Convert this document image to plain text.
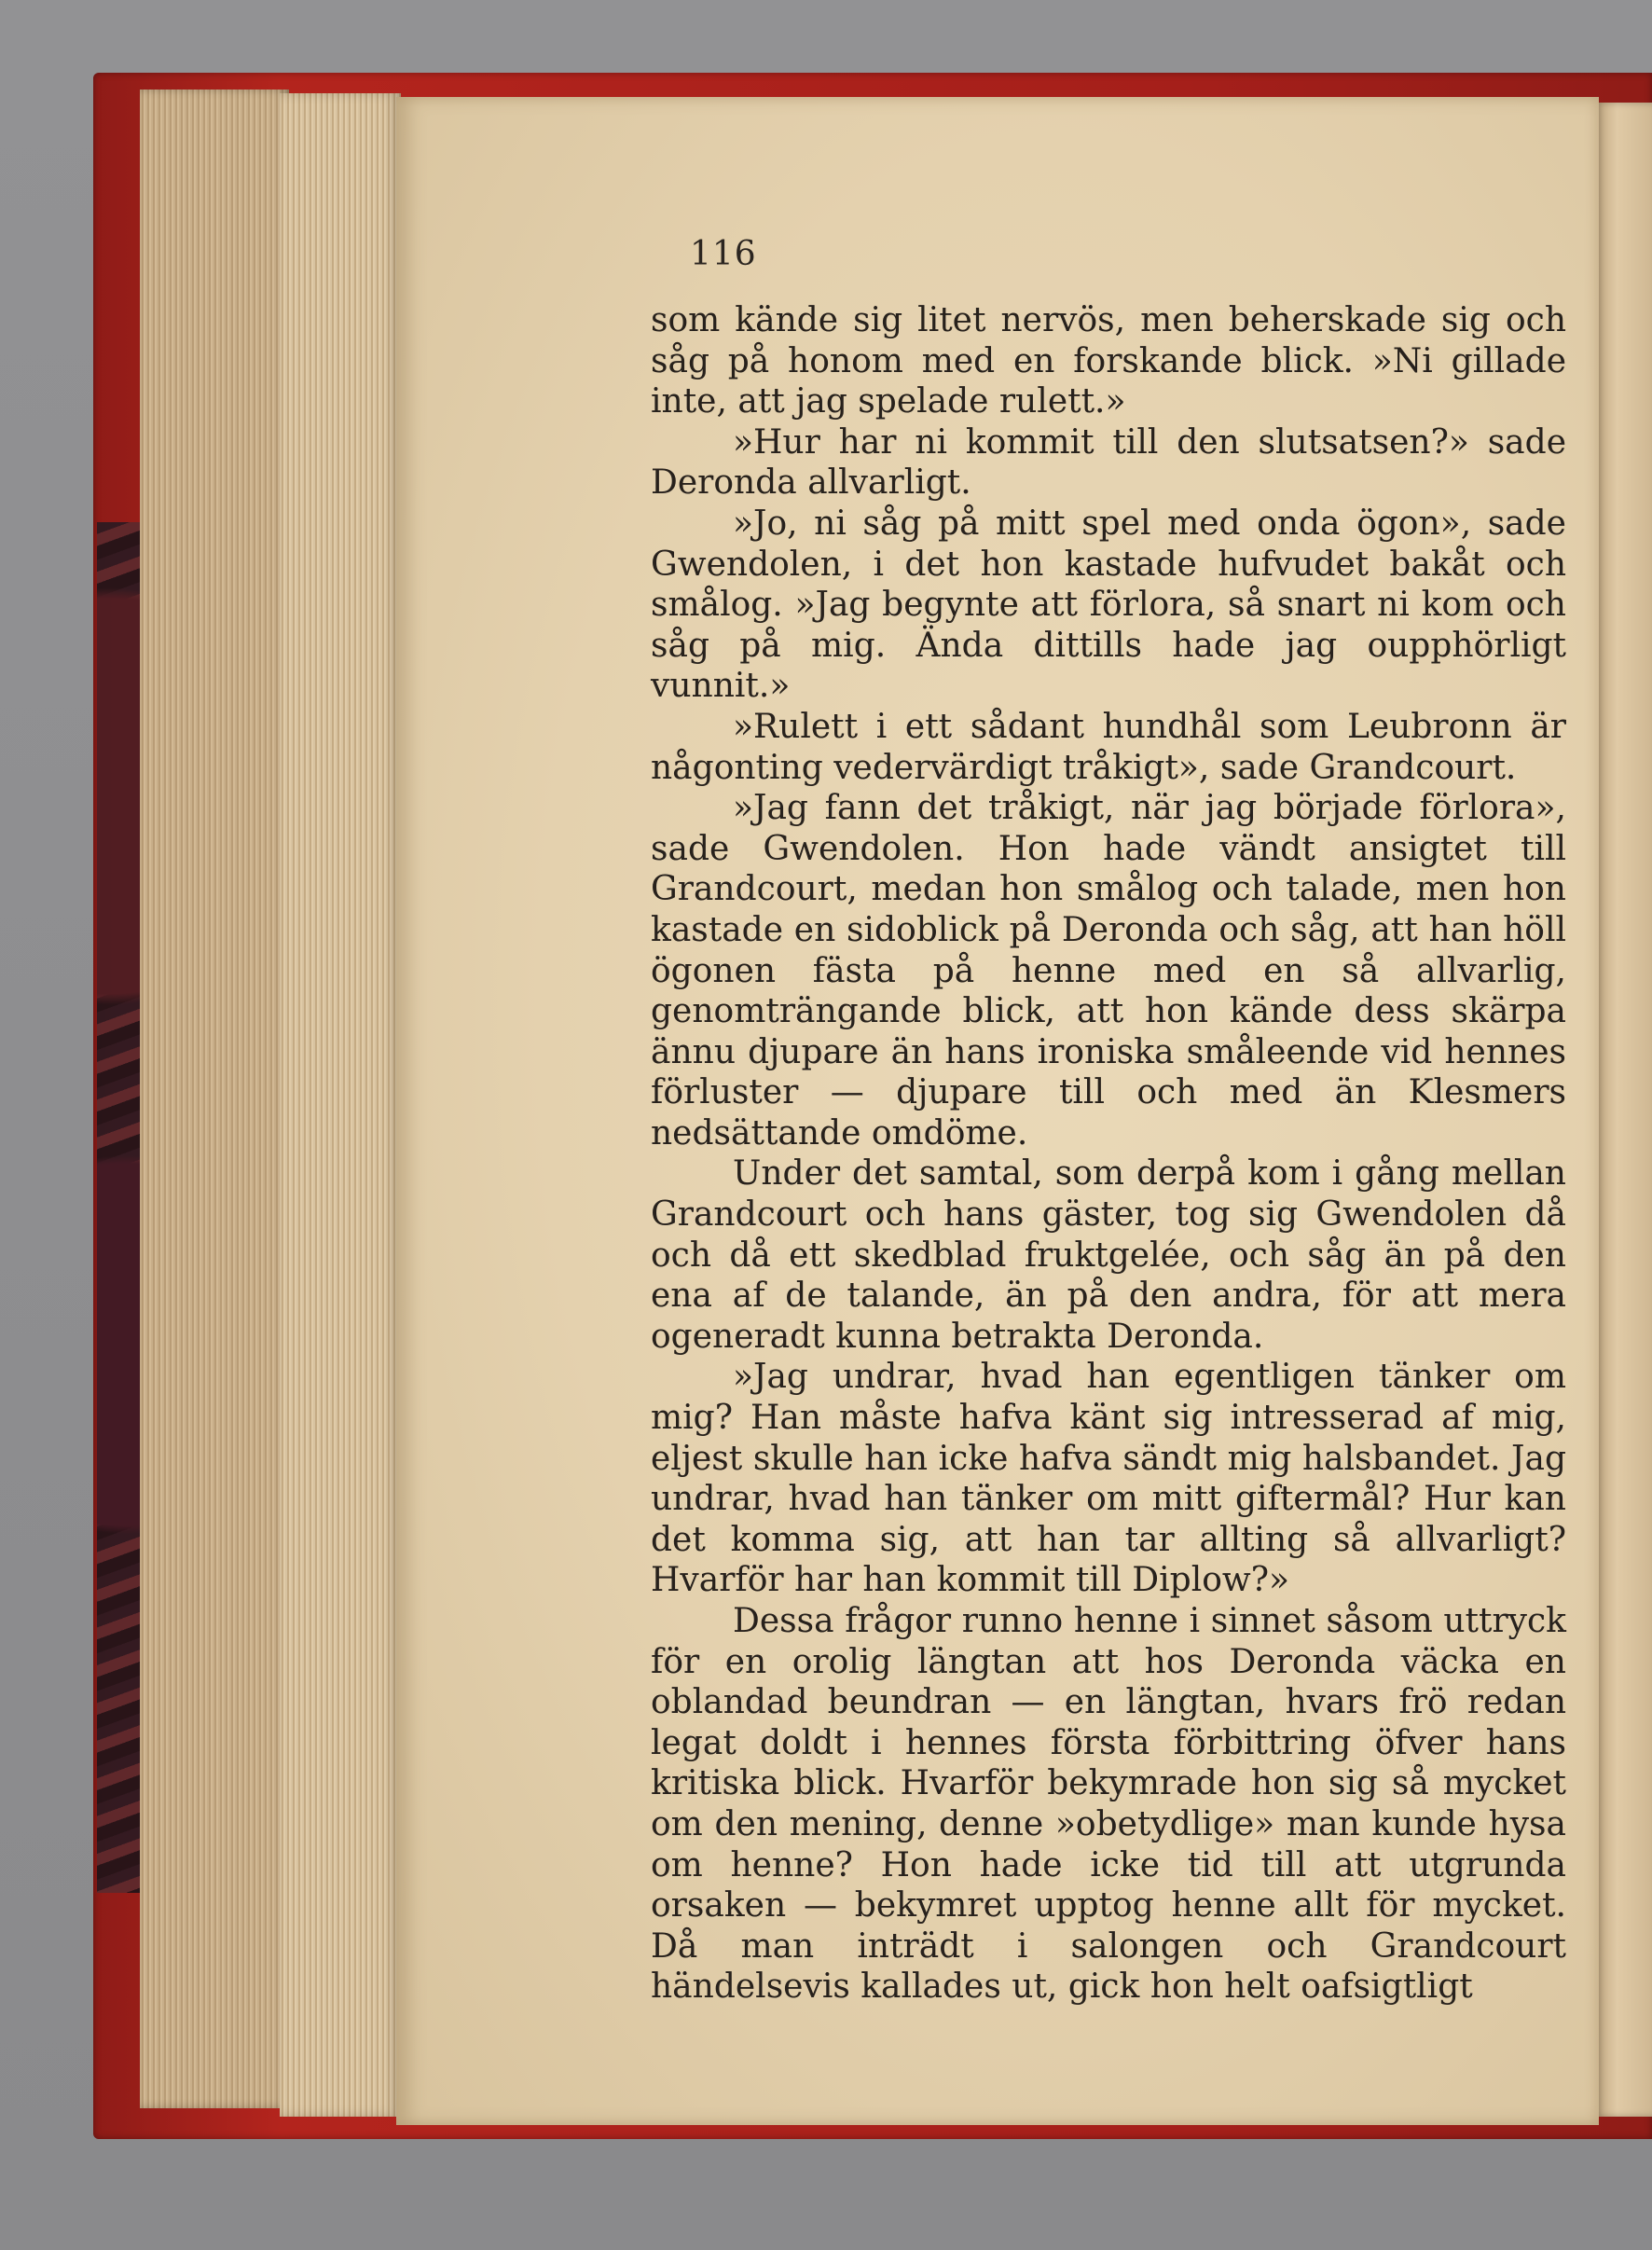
116

som kände sig litet nervös, men beherskade sig och såg på honom med en forskande blick. »Ni gillade inte, att jag spelade rulett.»

»Hur har ni kommit till den slutsatsen?» sade Deronda allvarligt.

»Jo, ni såg på mitt spel med onda ögon», sade Gwendolen, i det hon kastade hufvudet bakåt och smålog. »Jag begynte att förlora, så snart ni kom och såg på mig. Ända dittills hade jag oupphörligt vunnit.»

»Rulett i ett sådant hundhål som Leubronn är någonting vedervärdigt tråkigt», sade Grandcourt.

»Jag fann det tråkigt, när jag började förlora», sade Gwendolen. Hon hade vändt ansigtet till Grandcourt, medan hon smålog och talade, men hon kastade en sidoblick på Deronda och såg, att han höll ögonen fästa på henne med en så allvarlig, genomträngande blick, att hon kände dess skärpa ännu djupare än hans ironiska småleende vid hennes förluster — djupare till och med än Klesmers nedsättande omdöme.

Under det samtal, som derpå kom i gång mellan Grandcourt och hans gäster, tog sig Gwendolen då och då ett skedblad fruktgelée, och såg än på den ena af de talande, än på den andra, för att mera ogeneradt kunna betrakta Deronda.

»Jag undrar, hvad han egentligen tänker om mig? Han måste hafva känt sig intresserad af mig, eljest skulle han icke hafva sändt mig halsbandet. Jag undrar, hvad han tänker om mitt giftermål? Hur kan det komma sig, att han tar allting så allvarligt? Hvarför har han kommit till Diplow?»

Dessa frågor runno henne i sinnet såsom uttryck för en orolig längtan att hos Deronda väcka en oblandad beundran — en längtan, hvars frö redan legat doldt i hennes första förbittring öfver hans kritiska blick. Hvarför bekymrade hon sig så mycket om den mening, denne »obetydlige» man kunde hysa om henne? Hon hade icke tid till att utgrunda orsaken — bekymret upptog henne allt för mycket. Då man inträdt i salongen och Grandcourt händelsevis kallades ut, gick hon helt oafsigtligt
